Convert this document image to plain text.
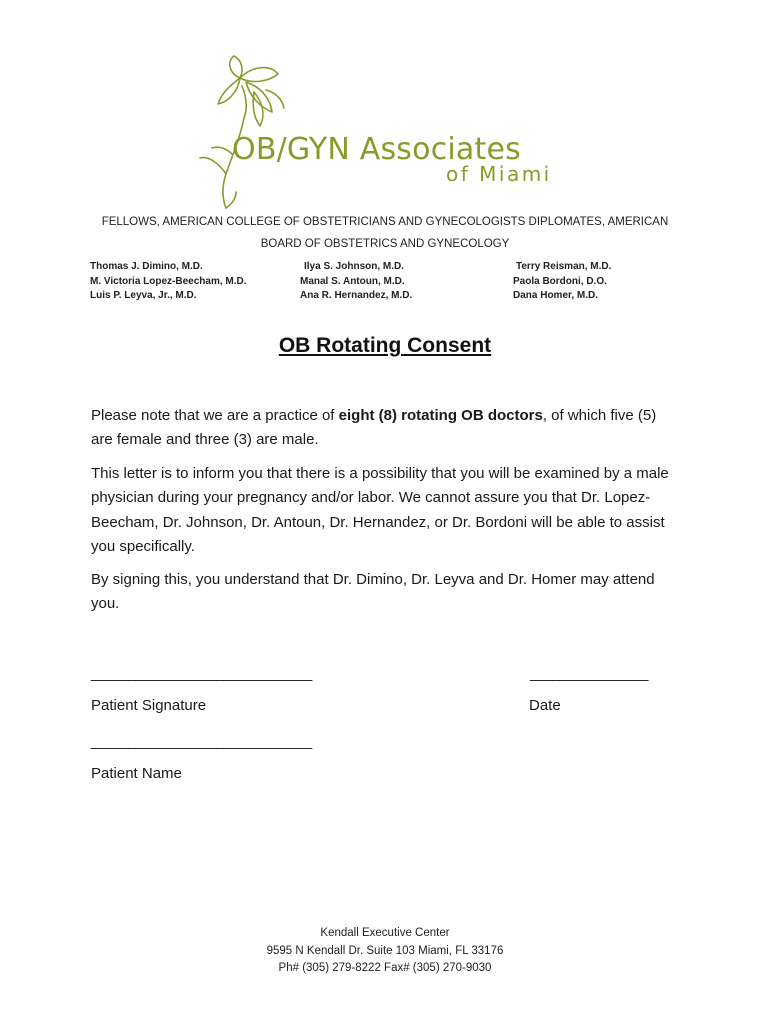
OB/GYN Associates
of Miami
FELLOWS, AMERICAN COLLEGE OF OBSTETRICIANS AND GYNECOLOGISTS DIPLOMATES, AMERICAN BOARD OF OBSTETRICS AND GYNECOLOGY
Thomas J. Dimino, M.D.
M. Victoria Lopez-Beecham, M.D.
Luis P. Leyva, Jr., M.D.
Ilya S. Johnson, M.D.
Manal S. Antoun, M.D.
Ana R. Hernandez, M.D.
Terry Reisman, M.D.
Paola Bordoni, D.O.
Dana Homer, M.D.
OB Rotating Consent
Please note that we are a practice of eight (8) rotating OB doctors, of which five (5) are female and three (3) are male.
This letter is to inform you that there is a possibility that you will be examined by a male physician during your pregnancy and/or labor. We cannot assure you that Dr. Lopez-Beecham, Dr. Johnson, Dr. Antoun, Dr. Hernandez, or Dr. Bordoni will be able to assist you specifically.
By signing this, you understand that Dr. Dimino, Dr. Leyva and Dr. Homer may attend you.
______________________________	________________
Patient Signature	Date
______________________________
Patient Name
Kendall Executive Center
9595 N Kendall Dr. Suite 103 Miami, FL 33176
Ph# (305) 279-8222 Fax# (305) 270-9030
